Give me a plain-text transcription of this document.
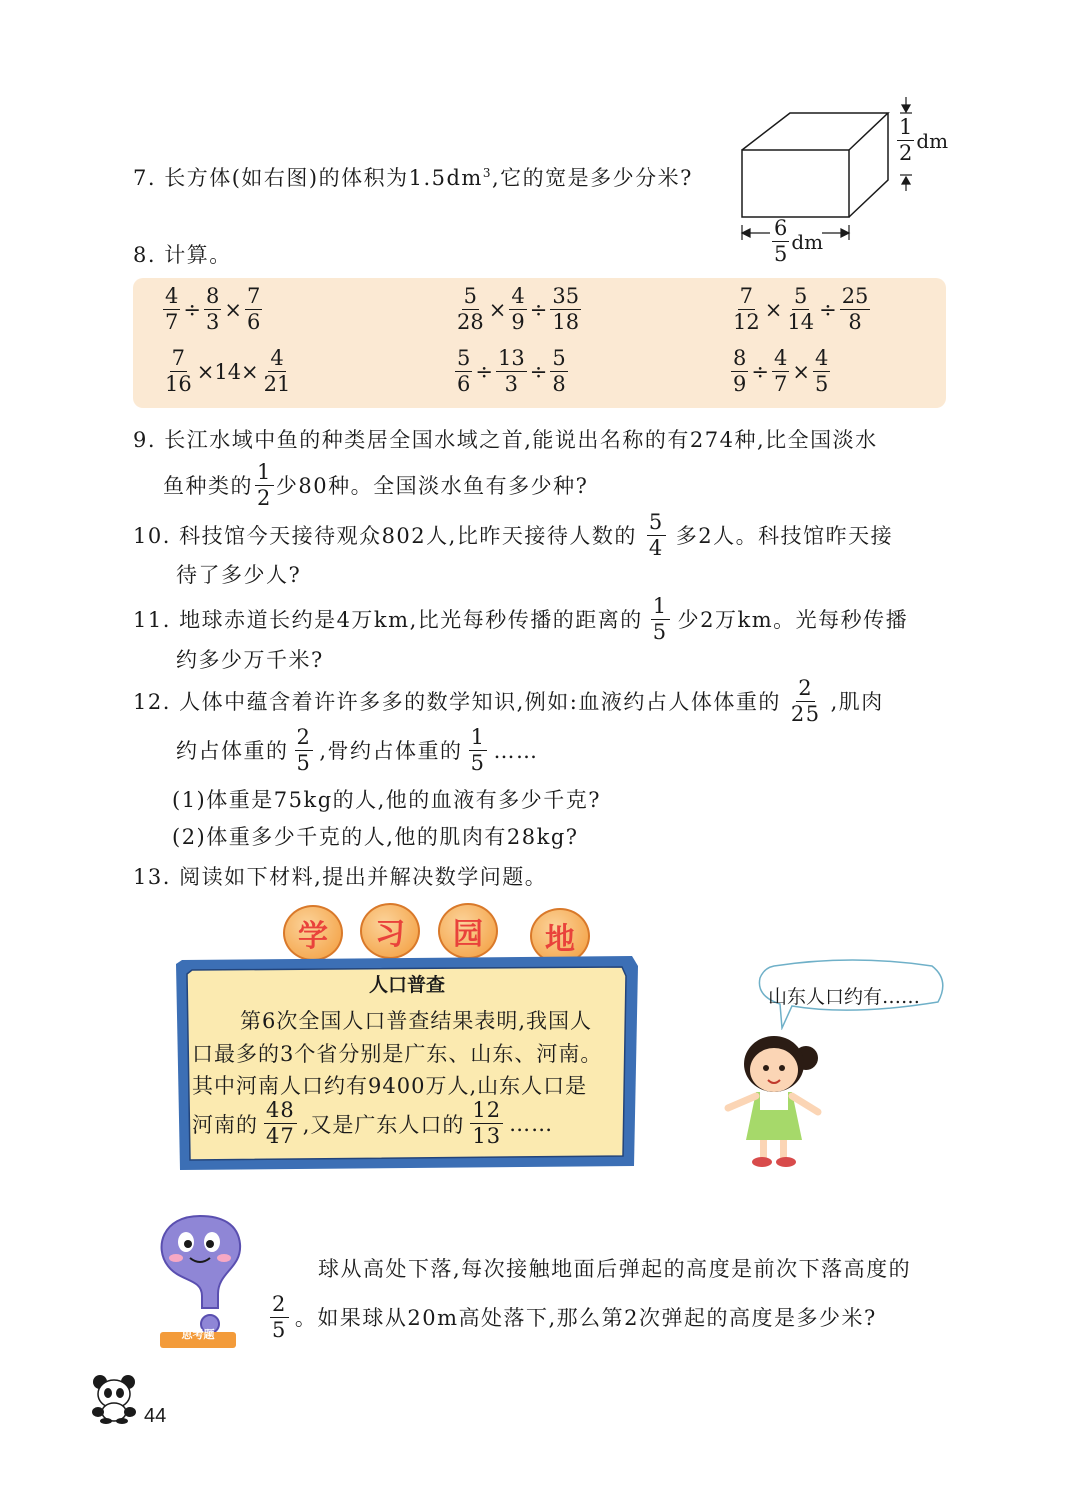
7. 长方体(如右图)的体积为$1.5dm^3$,它的宽是多少分米?
$\frac{1}{2}$ dm
$\frac{6}{5}$ dm
8. 计算。
$\frac{4}{7} \div \frac{8}{3} \times \frac{7}{6}$	$\frac{5}{28} \times \frac{4}{9} \div \frac{35}{18}$	$\frac{7}{12} \times \frac{5}{14} \div \frac{25}{8}$
$\frac{7}{16} \times 14\times \frac{4}{21}$	$\frac{5}{6} \div \frac{13}{3} \div \frac{5}{8}$	$\frac{8}{9} \div \frac{4}{7} \times \frac{4}{5}$
9. 长江水域中鱼的种类居全国水域之首,能说出名称的有274种,比全国淡水
鱼种类的 $\frac{1}{2}$ 少80种。全国淡水鱼有多少种?
10. 科技馆今天接待观众802人,比昨天接待人数的 $\frac{5}{4}$ 多2人。科技馆昨天接
待了多少人?
11. 地球赤道长约是4万km,比光每秒传播的距离的 $\frac{1}{5}$ 少2万km。光每秒传播
约多少万千米?
12. 人体中蕴含着许许多多的数学知识,例如:血液约占人体体重的 $\frac{2}{25}$ ,肌肉
约占体重的 $\frac{2}{5}$ ,骨约占体重的 $\frac{1}{5}$ ……
(1)体重是75kg的人,他的血液有多少千克?
(2)体重多少千克的人,他的肌肉有28kg?
13. 阅读如下材料,提出并解决数学问题。
学	习	园	地
人口普查
第6次全国人口普查结果表明,我国人
口最多的3个省分别是广东、山东、河南。
其中河南人口约有9400万人,山东人口是
河南的 $\frac{48}{47}$ ,又是广东人口的 $\frac{12}{13}$ ……
山东人口约有……
思考题
球从高处下落,每次接触地面后弹起的高度是前次下落高度的
$\frac{2}{5}$ 。如果球从20m高处落下,那么第2次弹起的高度是多少米?
44
